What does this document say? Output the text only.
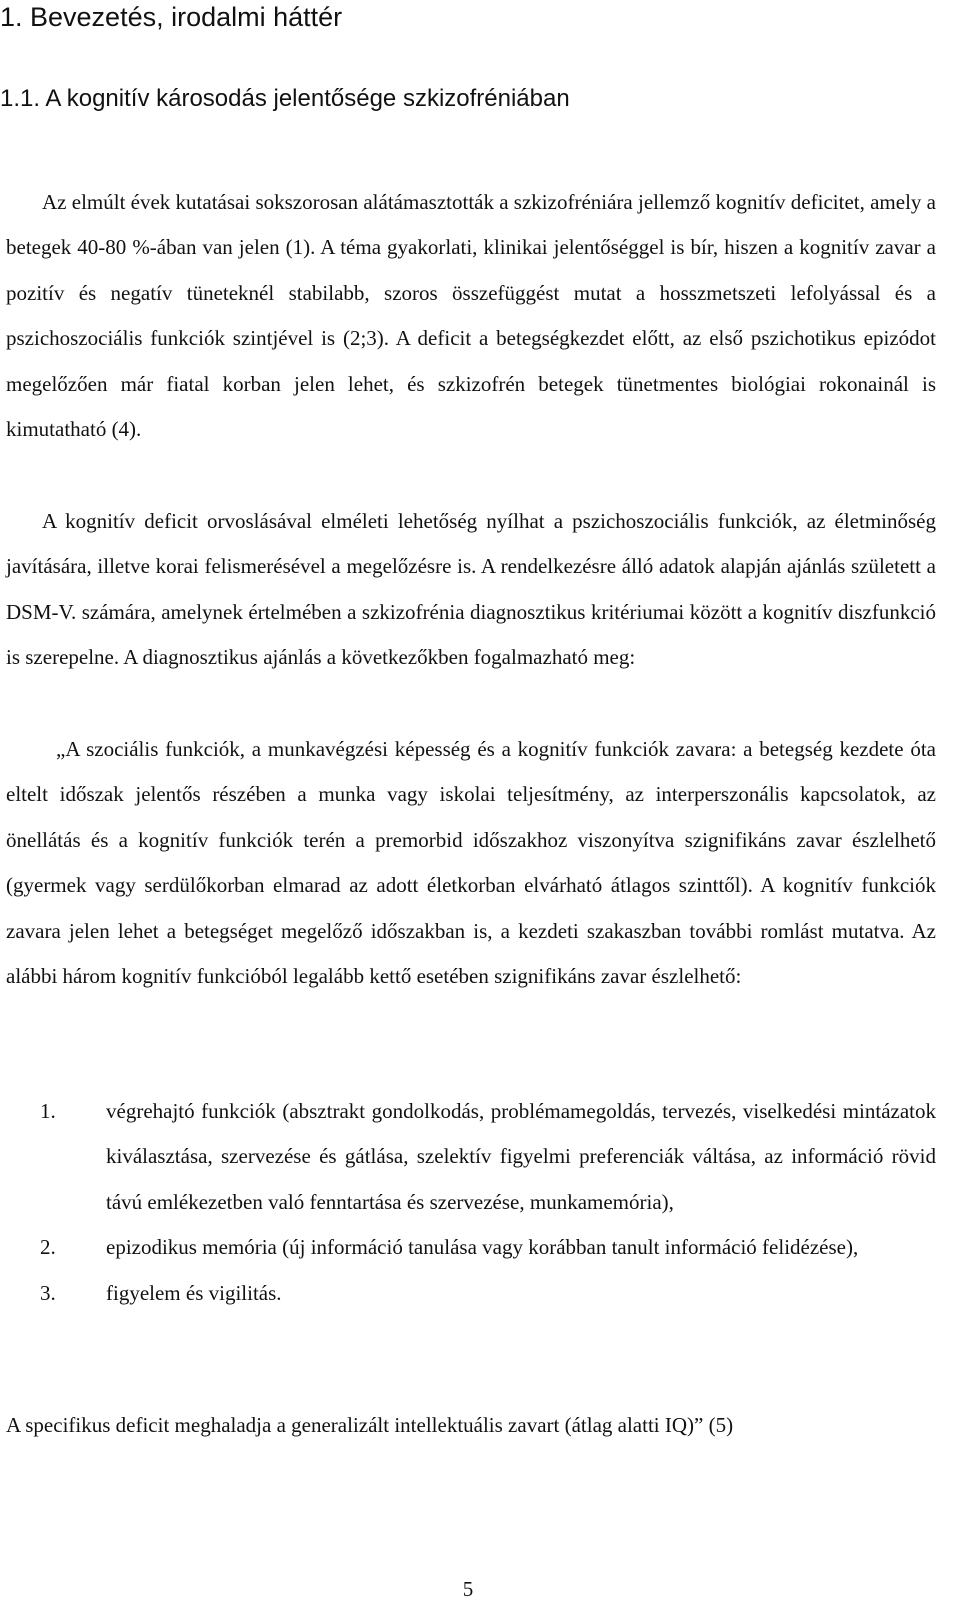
1. Bevezetés, irodalmi háttér
1.1. A kognitív károsodás jelentősége szkizofréniában

Az elmúlt évek kutatásai sokszorosan alátámasztották a szkizofréniára jellemző kognitív deficitet, amely a betegek 40-80 %-ában van jelen (1). A téma gyakorlati, klinikai jelentőséggel is bír, hiszen a kognitív zavar a pozitív és negatív tüneteknél stabilabb, szoros összefüggést mutat a hosszmetszeti lefolyással és a pszichoszociális funkciók szintjével is (2;3). A deficit a betegségkezdet előtt, az első pszichotikus epizódot megelőzően már fiatal korban jelen lehet, és szkizofrén betegek tünetmentes biológiai rokonainál is kimutatható (4).

A kognitív deficit orvoslásával elméleti lehetőség nyílhat a pszichoszociális funkciók, az életminőség javítására, illetve korai felismerésével a megelőzésre is. A rendelkezésre álló adatok alapján ajánlás született a DSM-V. számára, amelynek értelmében a szkizofrénia diagnosztikus kritériumai között a kognitív diszfunkció is szerepelne. A diagnosztikus ajánlás a következőkben fogalmazható meg:

„A szociális funkciók, a munkavégzési képesség és a kognitív funkciók zavara: a betegség kezdete óta eltelt időszak jelentős részében a munka vagy iskolai teljesítmény, az interperszonális kapcsolatok, az önellátás és a kognitív funkciók terén a premorbid időszakhoz viszonyítva szignifikáns zavar észlelhető (gyermek vagy serdülőkorban elmarad az adott életkorban elvárható átlagos szinttől). A kognitív funkciók zavara jelen lehet a betegséget megelőző időszakban is, a kezdeti szakaszban további romlást mutatva. Az alábbi három kognitív funkcióból legalább kettő esetében szignifikáns zavar észlelhető:

1. végrehajtó funkciók (absztrakt gondolkodás, problémamegoldás, tervezés, viselkedési mintázatok kiválasztása, szervezése és gátlása, szelektív figyelmi preferenciák váltása, az információ rövid távú emlékezetben való fenntartása és szervezése, munkamemória),
2. epizodikus memória (új információ tanulása vagy korábban tanult információ felidézése),
3. figyelem és vigilitás.

A specifikus deficit meghaladja a generalizált intellektuális zavart (átlag alatti IQ)” (5)

5
